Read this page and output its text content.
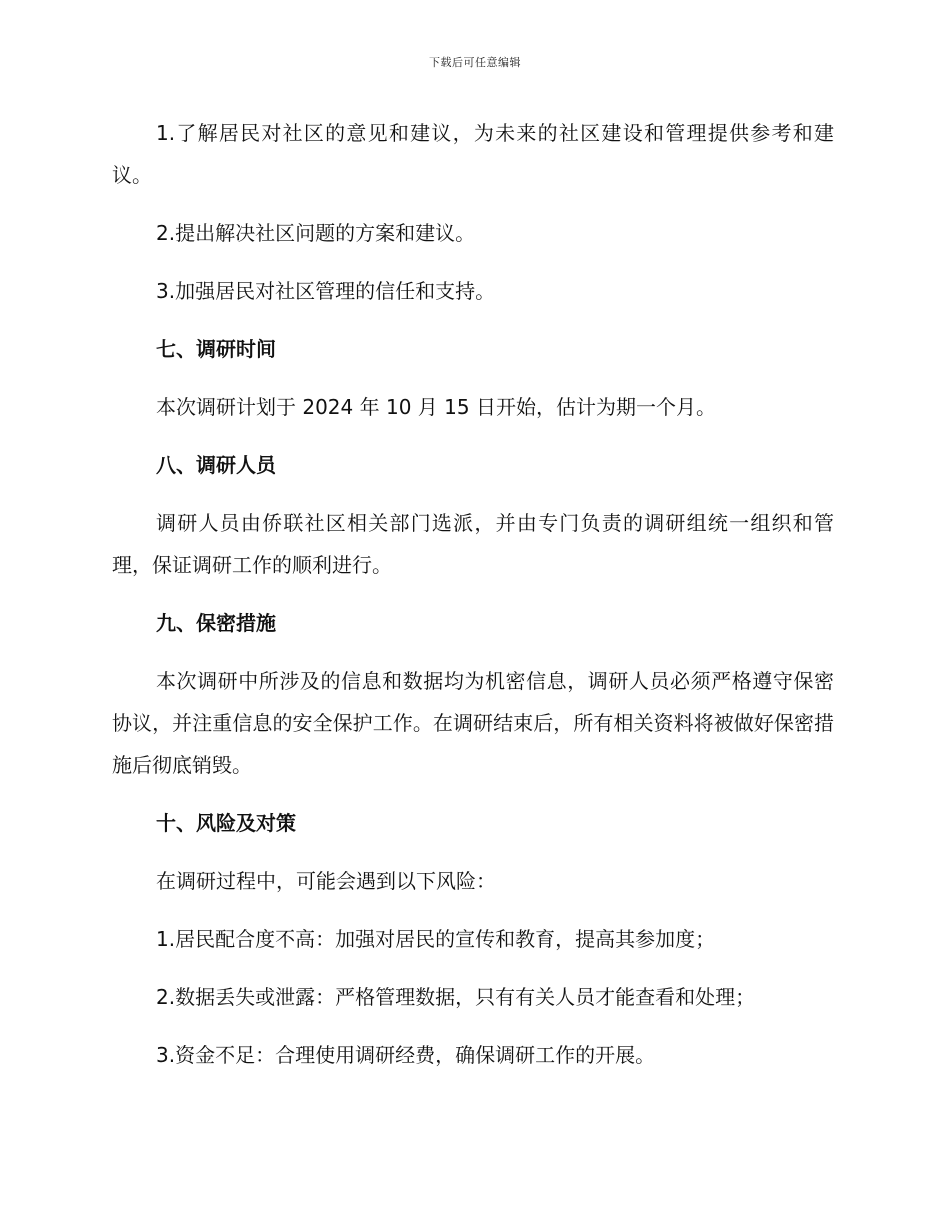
下载后可任意编辑

1.了解居民对社区的意见和建议，为未来的社区建设和管理提供参考和建议。

2.提出解决社区问题的方案和建议。

3.加强居民对社区管理的信任和支持。

七、调研时间

本次调研计划于 2024 年 10 月 15 日开始，估计为期一个月。

八、调研人员

调研人员由侨联社区相关部门选派，并由专门负责的调研组统一组织和管理，保证调研工作的顺利进行。

九、保密措施

本次调研中所涉及的信息和数据均为机密信息，调研人员必须严格遵守保密协议，并注重信息的安全保护工作。在调研结束后，所有相关资料将被做好保密措施后彻底销毁。

十、风险及对策

在调研过程中，可能会遇到以下风险：

1.居民配合度不高：加强对居民的宣传和教育，提高其参加度；

2.数据丢失或泄露：严格管理数据，只有有关人员才能查看和处理；

3.资金不足：合理使用调研经费，确保调研工作的开展。
